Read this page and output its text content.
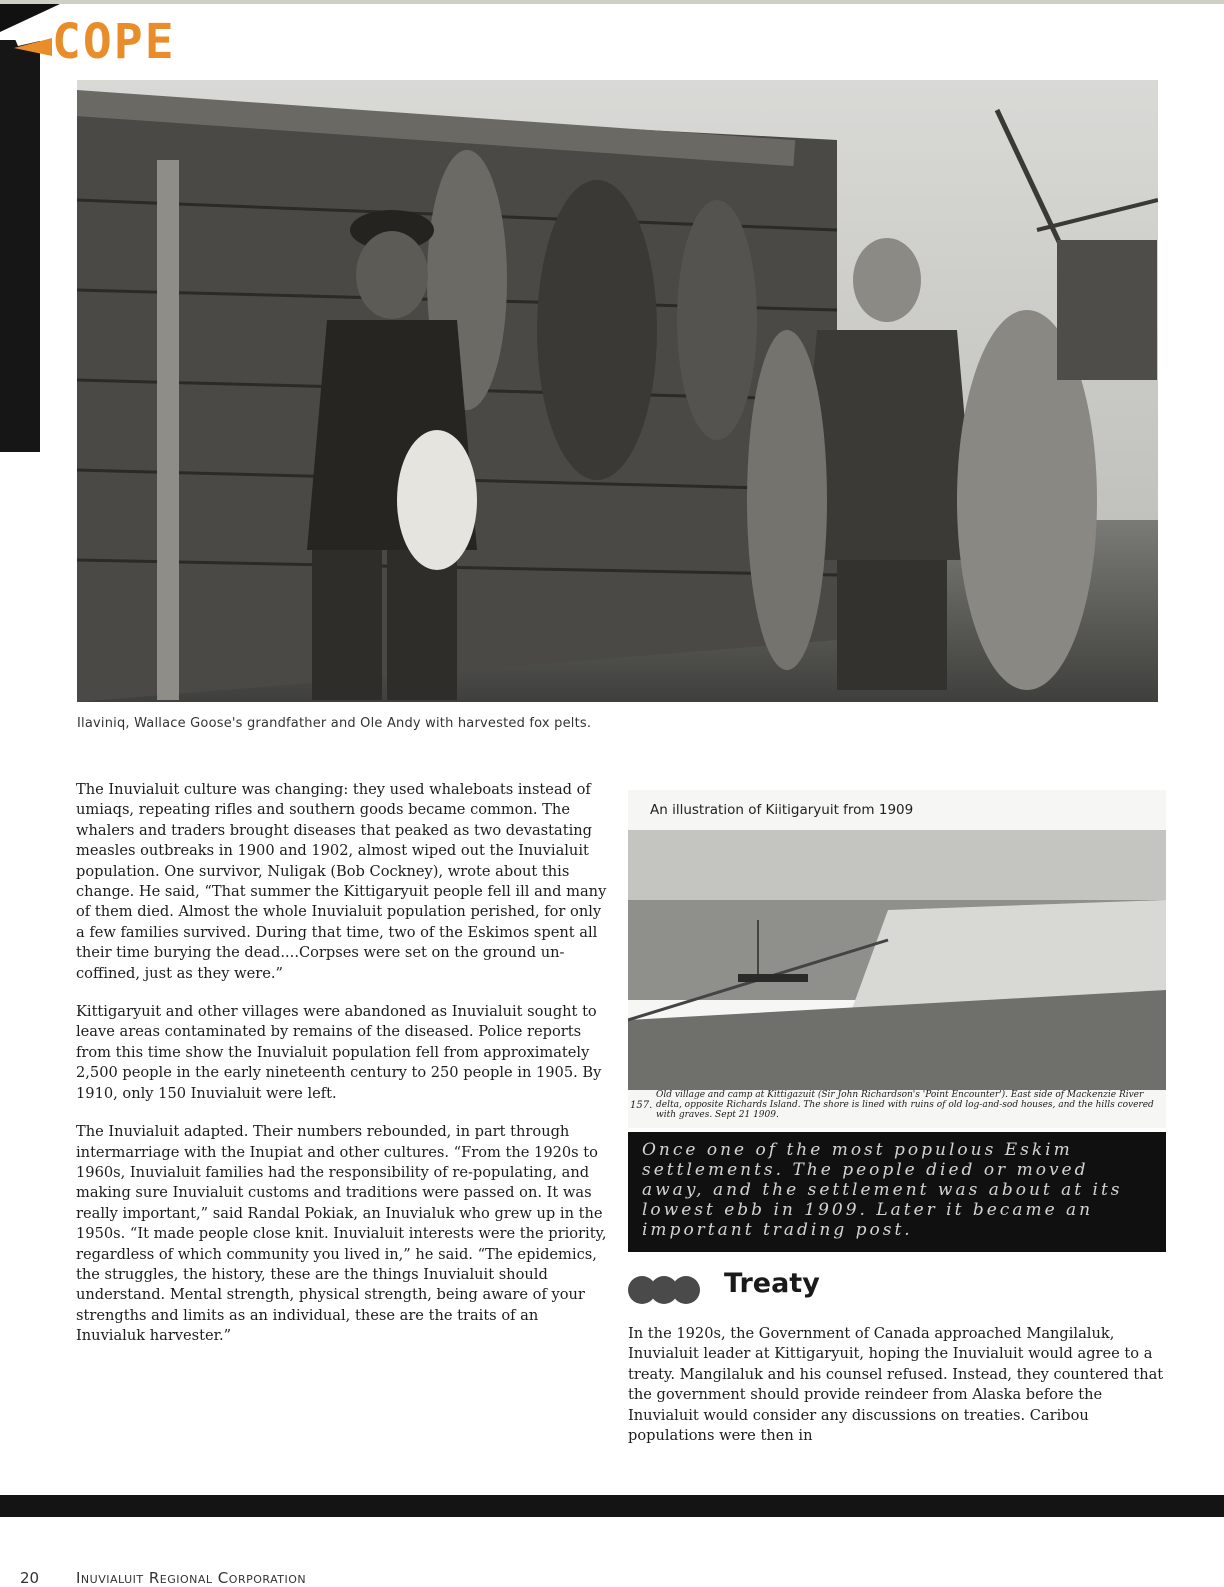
COPE
Ilaviniq, Wallace Goose's grandfather and Ole Andy with harvested fox pelts.

The Inuvialuit culture was changing: they used whaleboats instead of umiaqs, repeating rifles and southern goods became common. The whalers and traders brought diseases that peaked as two devastating measles outbreaks in 1900 and 1902, almost wiped out the Inuvialuit population. One survivor, Nuligak (Bob Cockney), wrote about this change. He said, “That summer the Kittigaryuit people fell ill and many of them died. Almost the whole Inuvialuit population perished, for only a few families survived. During that time, two of the Eskimos spent all their time burying the dead....Corpses were set on the ground un-coffined, just as they were.”

Kittigaryuit and other villages were abandoned as Inuvialuit sought to leave areas contaminated by remains of the diseased. Police reports from this time show the Inuvialuit population fell from approximately 2,500 people in the early nineteenth century to 250 people in 1905. By 1910, only 150 Inuvialuit were left.

The Inuvialuit adapted. Their numbers rebounded, in part through intermarriage with the Inupiat and other cultures. “From the 1920s to 1960s, Inuvialuit families had the responsibility of re-populating, and making sure Inuvialuit customs and traditions were passed on. It was really important,” said Randal Pokiak, an Inuvialuk who grew up in the 1950s. “It made people close knit. Inuvialuit interests were the priority, regardless of which community you lived in,” he said. “The epidemics, the struggles, the history, these are the things Inuvialuit should understand. Mental strength, physical strength, being aware of your strengths and limits as an individual, these are the traits of an Inuvialuk harvester.”

An illustration of Kiitigaryuit from 1909
157.
Old village and camp at Kittigazuit (Sir John Richardson's 'Point Encounter'). East side of Mackenzie River delta, opposite Richards Island. The shore is lined with ruins of old log-and-sod houses, and the hills covered with graves. Sept 21 1909.
Once one of the most populous Eskim settlements. The people died or moved away, and the settlement was about at its lowest ebb in 1909. Later it became an important trading post.
Treaty

In the 1920s, the Government of Canada approached Mangilaluk, Inuvialuit leader at Kittigaryuit, hoping the Inuvialuit would agree to a treaty. Mangilaluk and his counsel refused. Instead, they countered that the government should provide reindeer from Alaska before the Inuvialuit would consider any discussions on treaties. Caribou populations were then in

20 Inuvialuit Regional Corporation
